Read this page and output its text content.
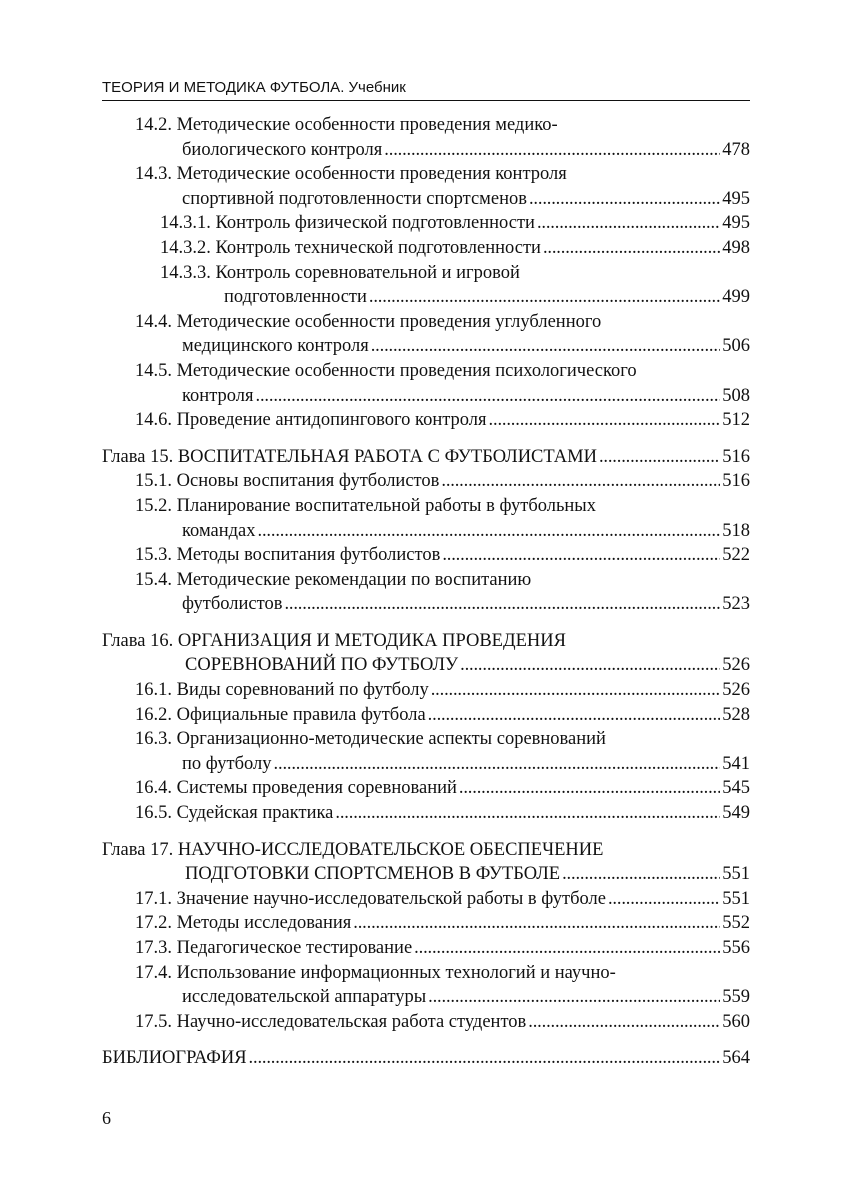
ТЕОРИЯ И МЕТОДИКА ФУТБОЛА. Учебник
14.2. Методические особенности проведения медико-
биологического контроля . . .	478
14.3. Методические особенности проведения контроля
спортивной подготовленности спортсменов . . .	495
14.3.1. Контроль физической подготовленности . . .	495
14.3.2. Контроль технической подготовленности . . .	498
14.3.3. Контроль соревновательной и игровой
подготовленности . . .	499
14.4. Методические особенности проведения углубленного
медицинского контроля . . .	506
14.5. Методические особенности проведения психологического
контроля . . .	508
14.6. Проведение антидопингового контроля . . .	512
Глава 15. ВОСПИТАТЕЛЬНАЯ РАБОТА С ФУТБОЛИСТАМИ . . .	516
15.1. Основы воспитания футболистов . . .	516
15.2. Планирование воспитательной работы в футбольных
командах . . .	518
15.3. Методы воспитания футболистов . . .	522
15.4. Методические рекомендации по воспитанию
футболистов . . .	523
Глава 16. ОРГАНИЗАЦИЯ И МЕТОДИКА ПРОВЕДЕНИЯ
СОРЕВНОВАНИЙ ПО ФУТБОЛУ . . .	526
16.1. Виды соревнований по футболу . . .	526
16.2. Официальные правила футбола . . .	528
16.3. Организационно-методические аспекты соревнований
по футболу . . .	541
16.4. Системы проведения соревнований . . .	545
16.5. Судейская практика . . .	549
Глава 17. НАУЧНО-ИССЛЕДОВАТЕЛЬСКОЕ ОБЕСПЕЧЕНИЕ
ПОДГОТОВКИ СПОРТСМЕНОВ В ФУТБОЛЕ . . .	551
17.1. Значение научно-исследовательской работы в футболе . . .	551
17.2. Методы исследования . . .	552
17.3. Педагогическое тестирование . . .	556
17.4. Использование информационных технологий и научно-
исследовательской аппаратуры . . .	559
17.5. Научно-исследовательская работа студентов . . .	560
БИБЛИОГРАФИЯ . . .	564
6
